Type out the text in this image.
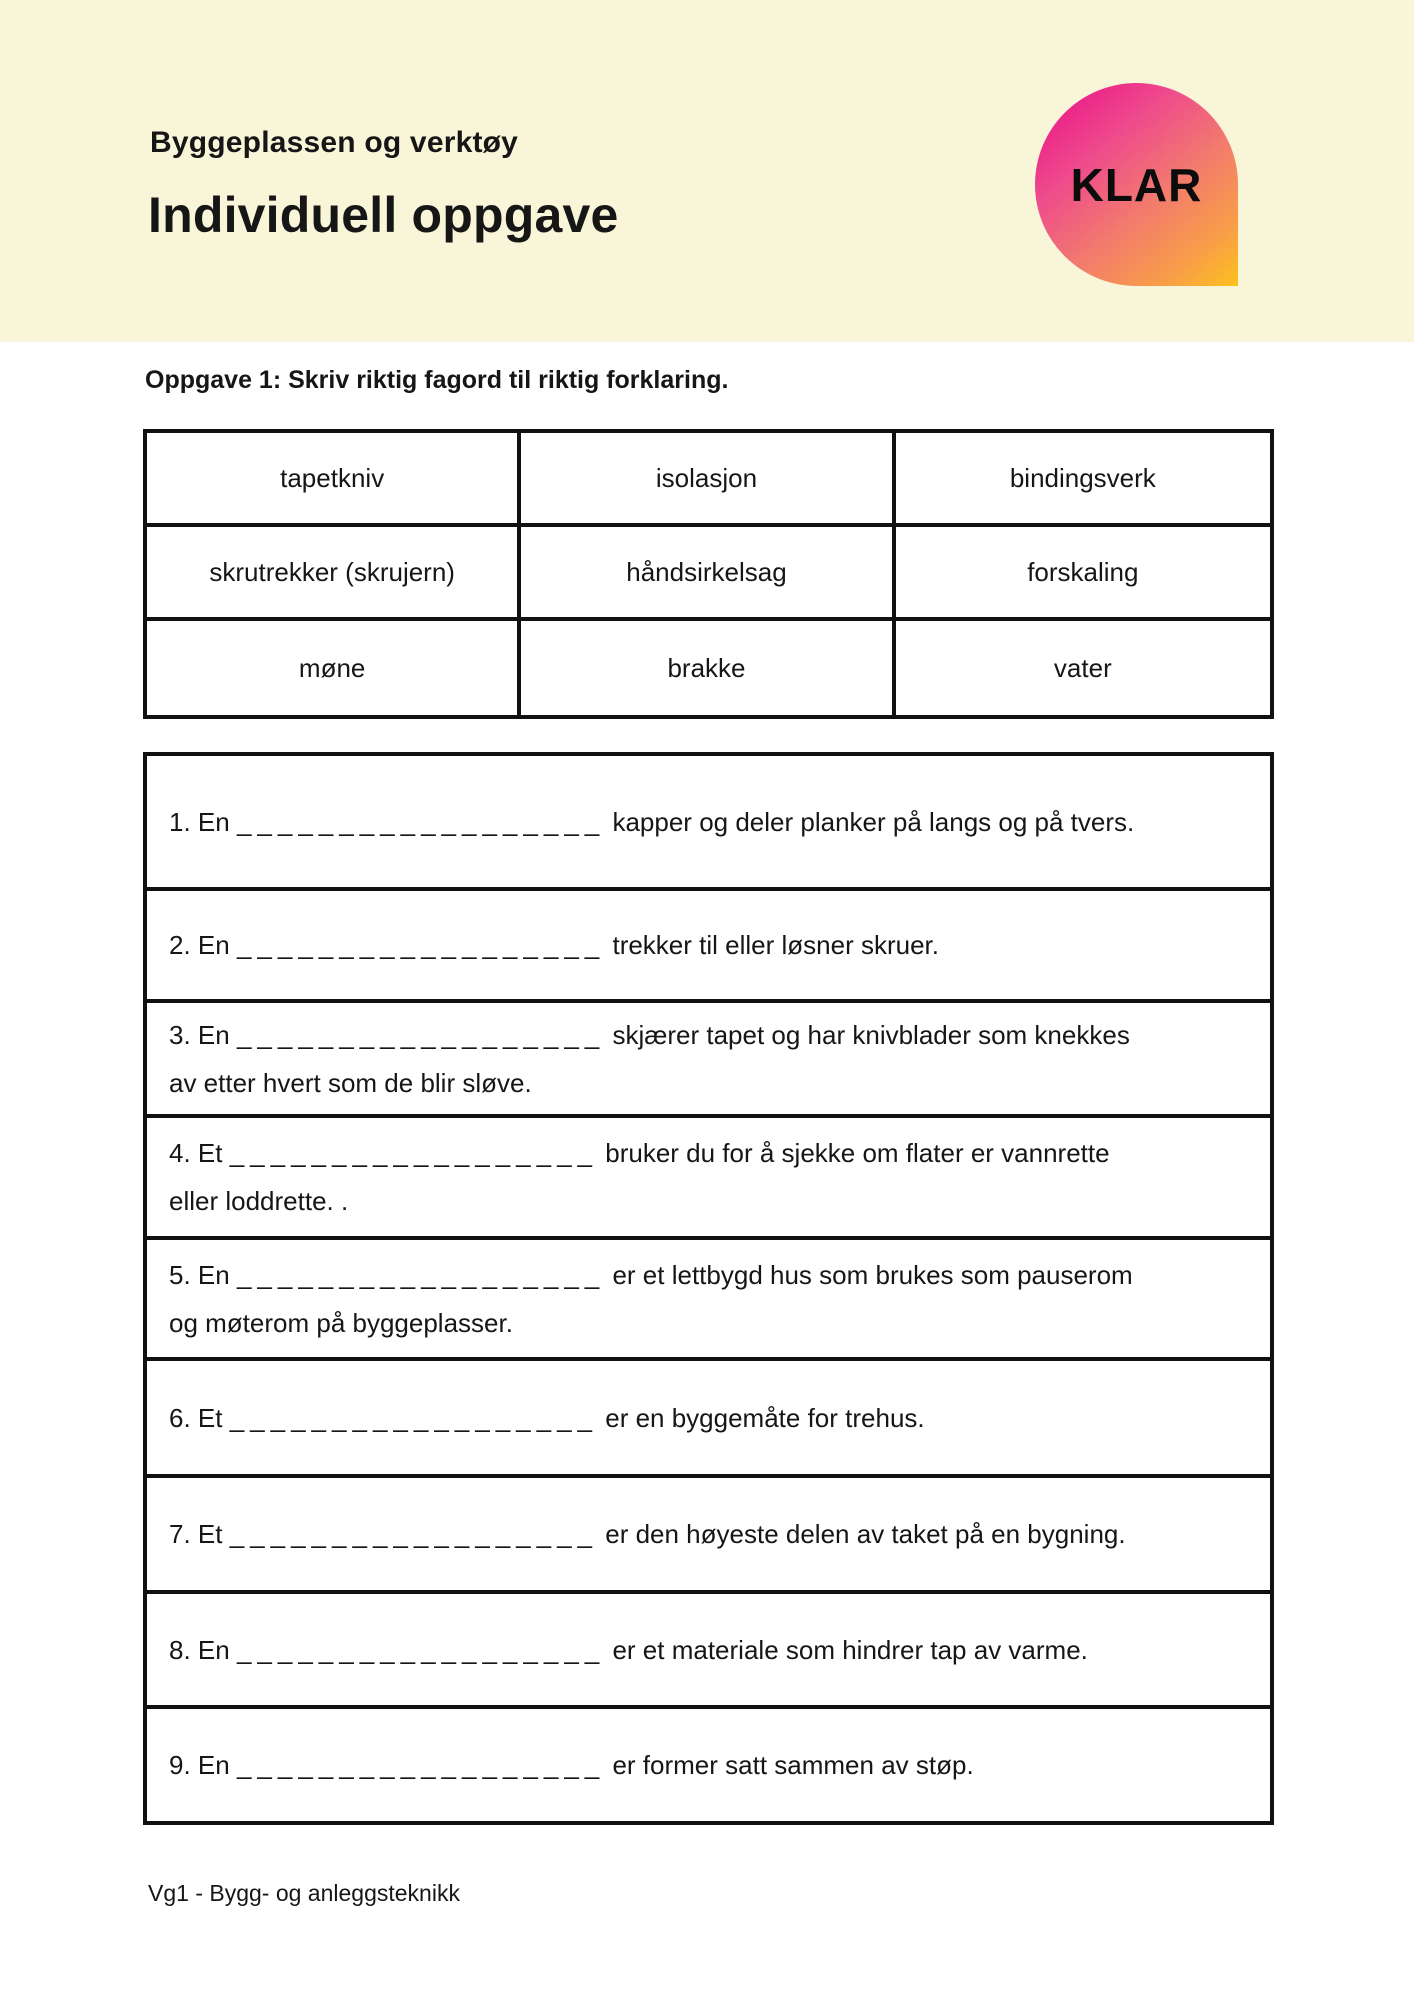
Byggeplassen og verktøy
Individuell oppgave
KLAR
Oppgave 1: Skriv riktig fagord til riktig forklaring.
tapetkniv	isolasjon	bindingsverk
skrutrekker (skrujern)	håndsirkelsag	forskaling
møne	brakke	vater
1. En __________________ kapper og deler planker på langs og på tvers.
2. En __________________ trekker til eller løsner skruer.
3. En __________________ skjærer tapet og har knivblader som knekkes
av etter hvert som de blir sløve.
4. Et __________________ bruker du for å sjekke om flater er vannrette
eller loddrette. .
5. En __________________ er et lettbygd hus som brukes som pauserom
og møterom på byggeplasser.
6. Et __________________ er en byggemåte for trehus.
7. Et __________________ er den høyeste delen av taket på en bygning.
8. En __________________ er et materiale som hindrer tap av varme.
9. En __________________ er former satt sammen av støp.
Vg1 - Bygg- og anleggsteknikk
